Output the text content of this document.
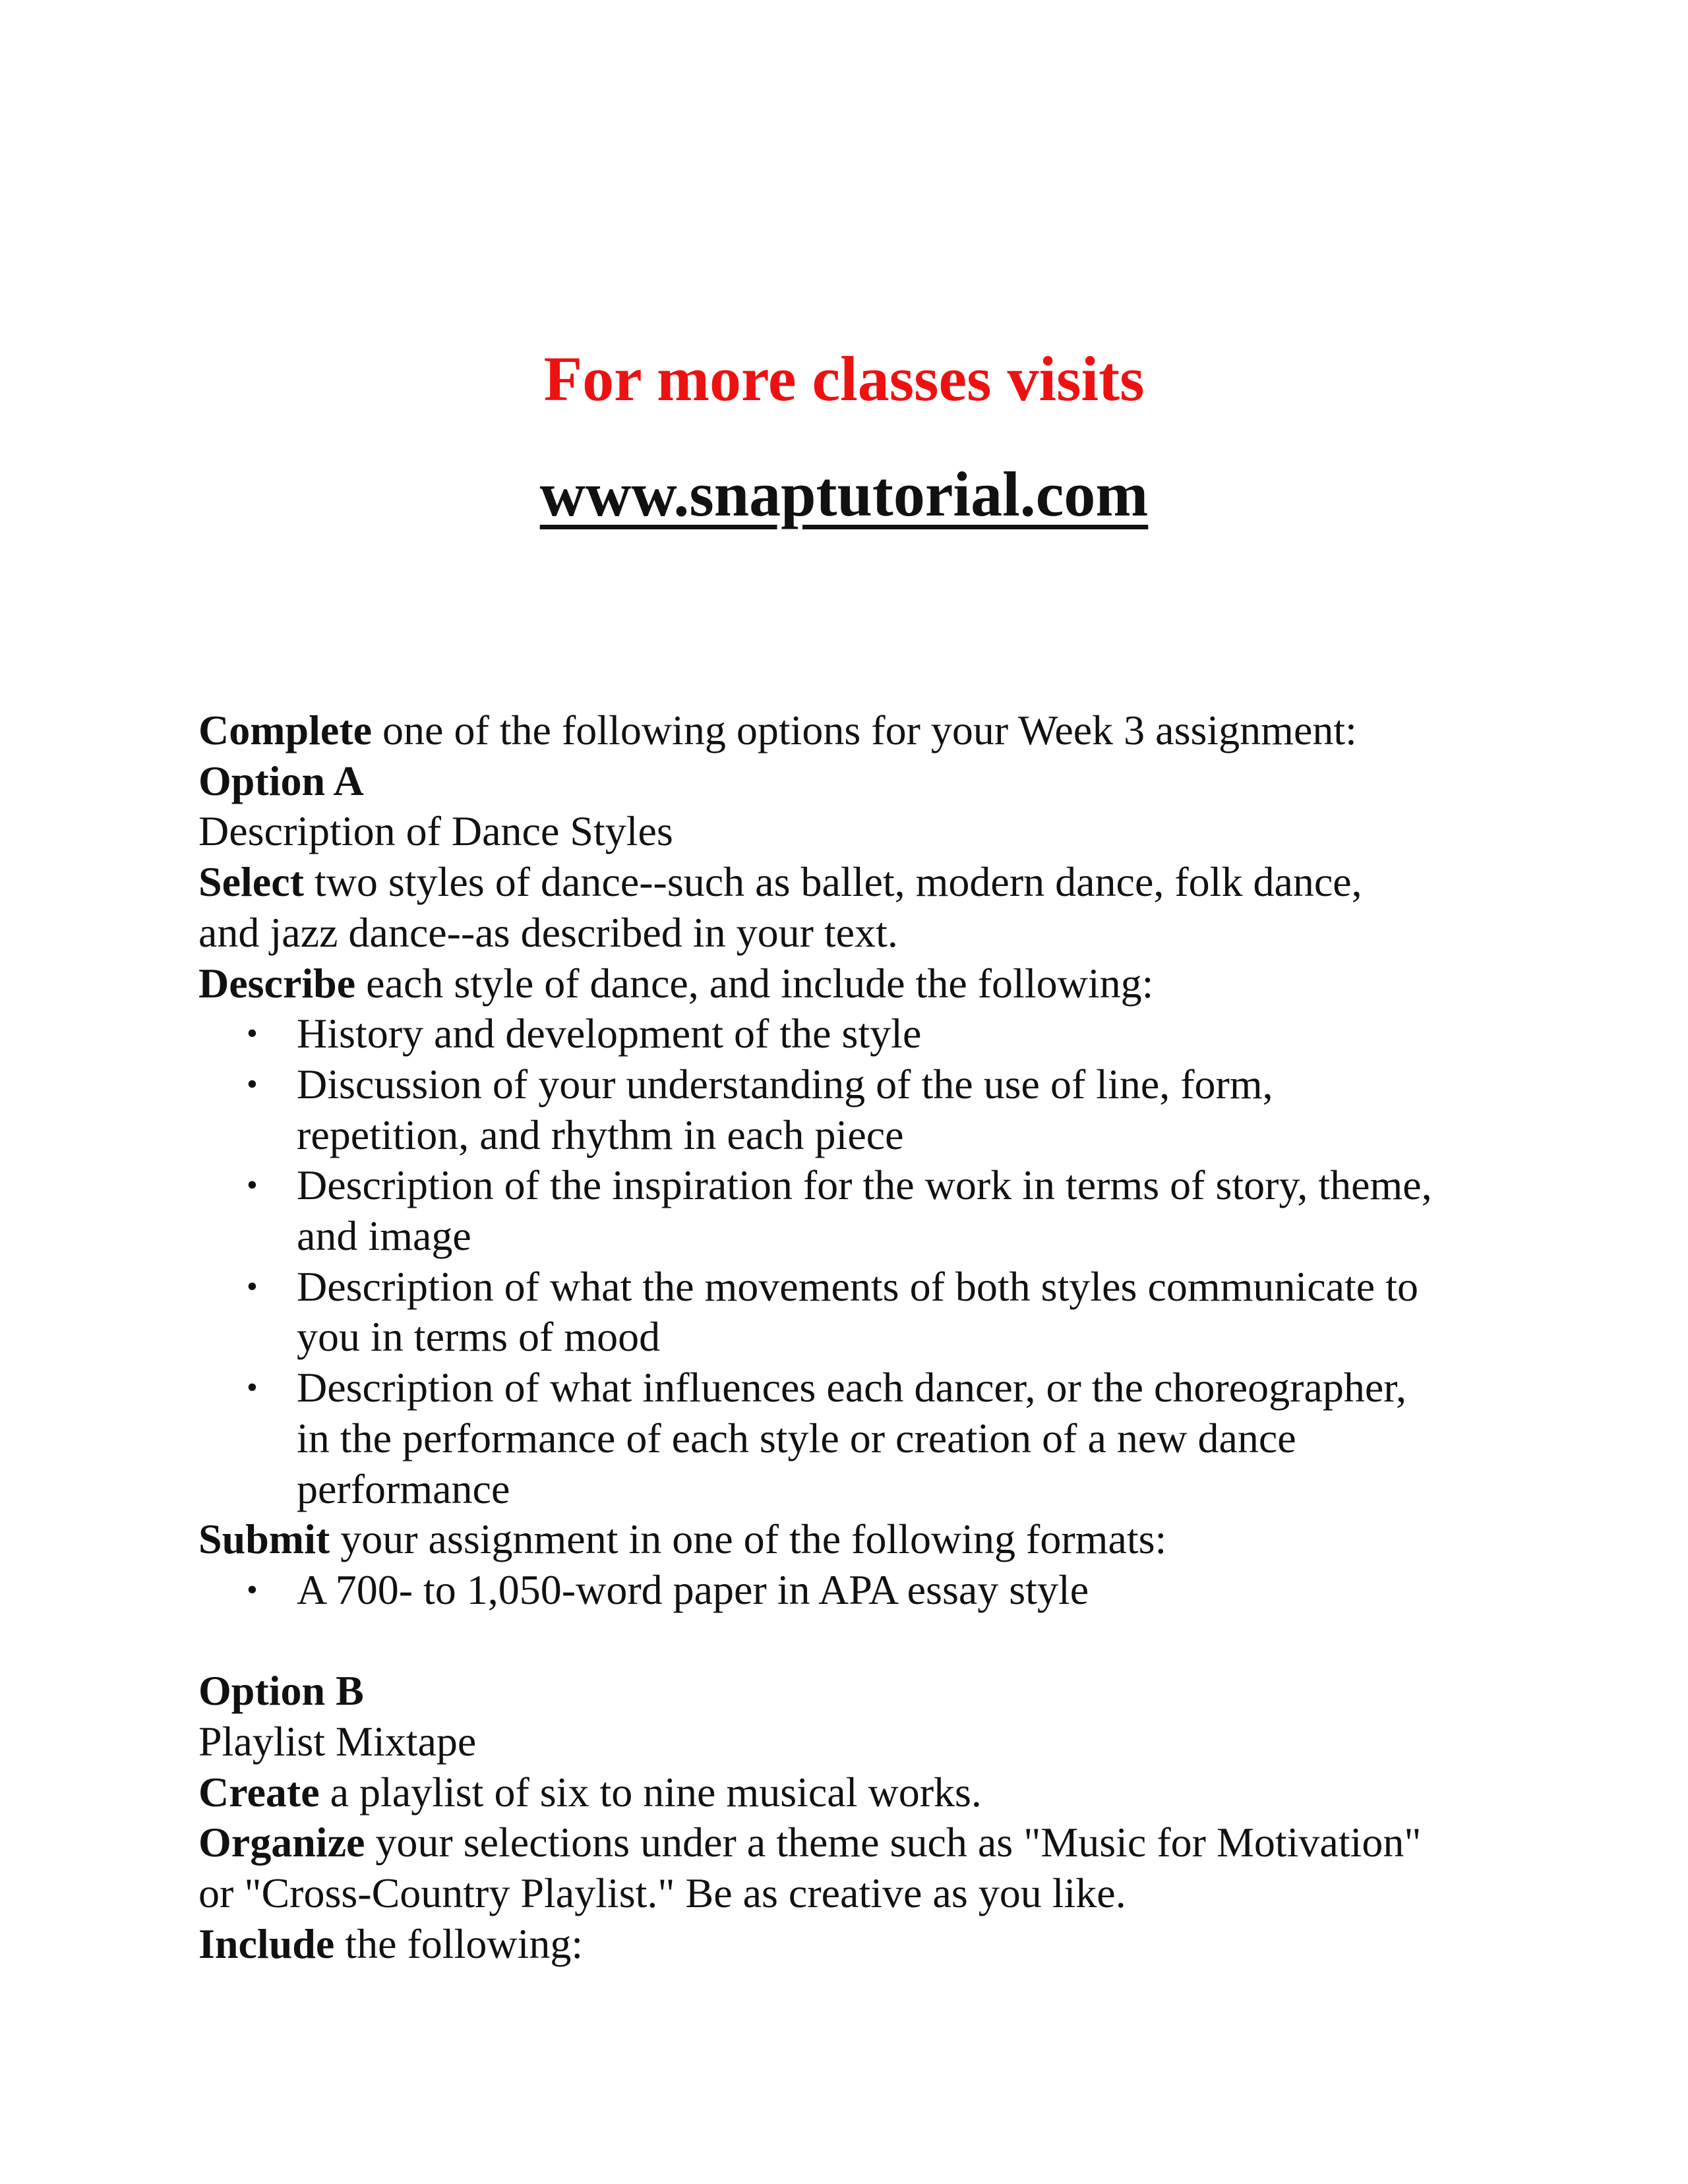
For more classes visits
www.snaptutorial.com

Complete one of the following options for your Week 3 assignment:

Option A

Description of Dance Styles

Select two styles of dance--such as ballet, modern dance, folk dance,

and jazz dance--as described in your text.

Describe each style of dance, and include the following:

• History and development of the style
• Discussion of your understanding of the use of line, form,
repetition, and rhythm in each piece
• Description of the inspiration for the work in terms of story, theme,
and image
• Description of what the movements of both styles communicate to
you in terms of mood
• Description of what influences each dancer, or the choreographer,
in the performance of each style or creation of a new dance
performance

Submit your assignment in one of the following formats:

• A 700- to 1,050-word paper in APA essay style

Option B

Playlist Mixtape

Create a playlist of six to nine musical works.

Organize your selections under a theme such as "Music for Motivation"

or "Cross-Country Playlist." Be as creative as you like.

Include the following:
